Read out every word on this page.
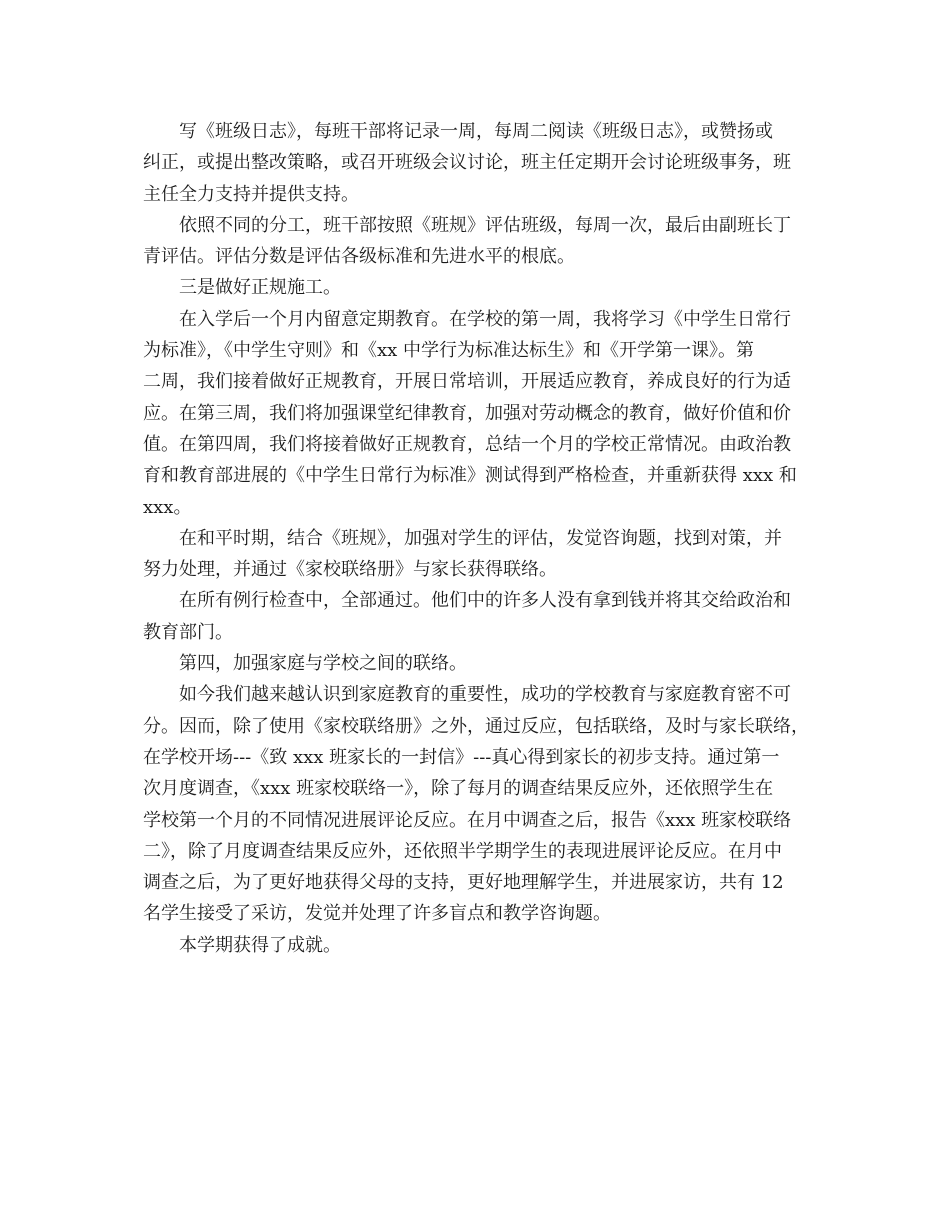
写《班级日志》，每班干部将记录一周，每周二阅读《班级日志》，或赞扬或
纠正，或提出整改策略，或召开班级会议讨论，班主任定期开会讨论班级事务，班
主任全力支持并提供支持。
依照不同的分工，班干部按照《班规》评估班级，每周一次，最后由副班长丁
青评估。评估分数是评估各级标准和先进水平的根底。
三是做好正规施工。
在入学后一个月内留意定期教育。在学校的第一周，我将学习《中学生日常行
为标准》，《中学生守则》和《xx 中学行为标准达标生》和《开学第一课》。第
二周，我们接着做好正规教育，开展日常培训，开展适应教育，养成良好的行为适
应。在第三周，我们将加强课堂纪律教育，加强对劳动概念的教育，做好价值和价
值。在第四周，我们将接着做好正规教育，总结一个月的学校正常情况。由政治教
育和教育部进展的《中学生日常行为标准》测试得到严格检查，并重新获得 xxx 和
xxx。
在和平时期，结合《班规》，加强对学生的评估，发觉咨询题，找到对策，并
努力处理，并通过《家校联络册》与家长获得联络。
在所有例行检查中，全部通过。他们中的许多人没有拿到钱并将其交给政治和
教育部门。
第四，加强家庭与学校之间的联络。
如今我们越来越认识到家庭教育的重要性，成功的学校教育与家庭教育密不可
分。因而，除了使用《家校联络册》之外，通过反应，包括联络，及时与家长联络，
在学校开场---《致 xxx 班家长的一封信》---真心得到家长的初步支持。通过第一
次月度调查，《xxx 班家校联络一》，除了每月的调查结果反应外，还依照学生在
学校第一个月的不同情况进展评论反应。在月中调查之后，报告《xxx 班家校联络
二》，除了月度调查结果反应外，还依照半学期学生的表现进展评论反应。在月中
调查之后，为了更好地获得父母的支持，更好地理解学生，并进展家访，共有 12
名学生接受了采访，发觉并处理了许多盲点和教学咨询题。
本学期获得了成就。
